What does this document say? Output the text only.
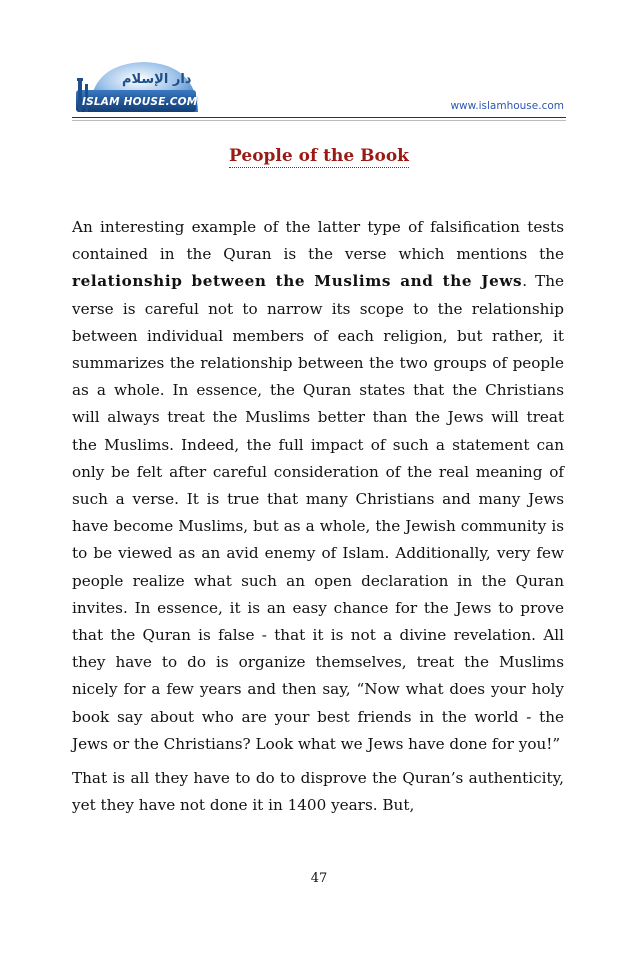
ISLAM HOUSE.COM
دار الإسلام
www.islamhouse.com
People of the Book

An interesting example of the latter type of falsification tests contained in the Quran is the verse which mentions the relationship between the Muslims and the Jews. The verse is careful not to narrow its scope to the relationship between individual members of each religion, but rather, it summarizes the relationship between the two groups of people as a whole. In essence, the Quran states that the Christians will always treat the Muslims better than the Jews will treat the Muslims. Indeed, the full impact of such a statement can only be felt after careful consideration of the real meaning of such a verse. It is true that many Christians and many Jews have become Muslims, but as a whole, the Jewish community is to be viewed as an avid enemy of Islam. Additionally, very few people realize what such an open declaration in the Quran invites. In essence, it is an easy chance for the Jews to prove that the Quran is false - that it is not a divine revelation. All they have to do is organize themselves, treat the Muslims nicely for a few years and then say, “Now what does your holy book say about who are your best friends in the world - the Jews or the Christians? Look what we Jews have done for you!”

That is all they have to do to disprove the Quran’s authenticity, yet they have not done it in 1400 years. But,

47
